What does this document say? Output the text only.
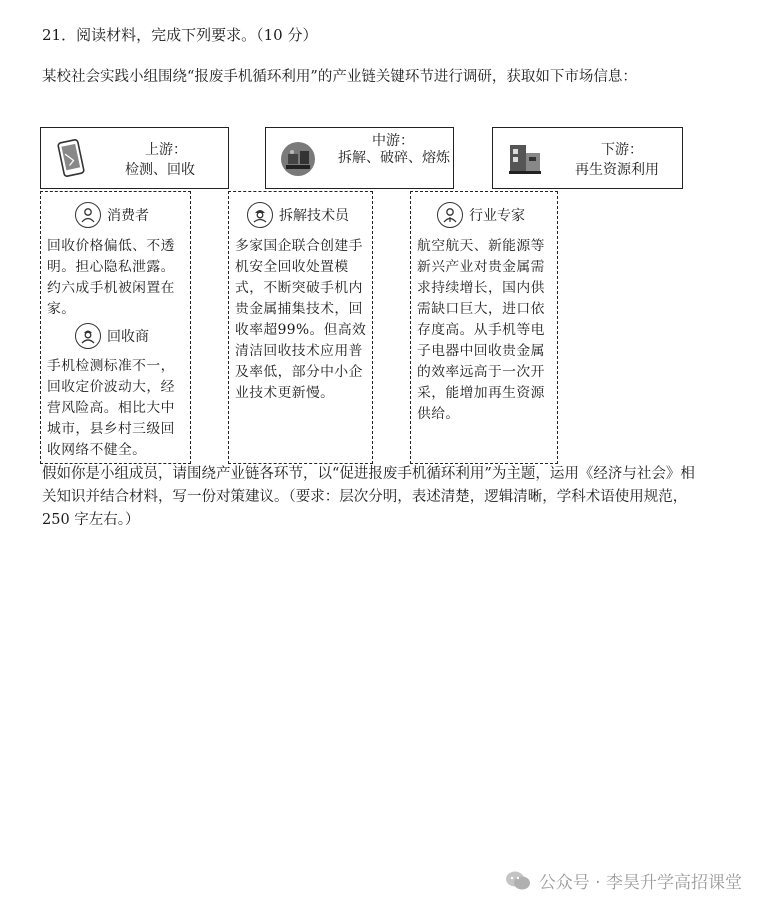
21．阅读材料，完成下列要求。（10 分）
某校社会实践小组围绕“报废手机循环利用”的产业链关键环节进行调研，获取如下市场信息：
上游：
检测、回收
中游：
拆解、破碎、熔炼	下游：
再生资源利用
消费者
回收价格偏低、不透明。担心隐私泄露。约六成手机被闲置在家。
回收商
手机检测标准不一，回收定价波动大，经营风险高。相比大中城市，县乡村三级回收网络不健全。
拆解技术员
多家国企联合创建手机安全回收处置模式，不断突破手机内贵金属捕集技术，回收率超99%。但高效清洁回收技术应用普及率低，部分中小企业技术更新慢。
行业专家
航空航天、新能源等新兴产业对贵金属需求持续增长，国内供需缺口巨大，进口依存度高。从手机等电子电器中回收贵金属的效率远高于一次开采，能增加再生资源供给。
假如你是小组成员，请围绕产业链各环节，以“促进报废手机循环利用”为主题，运用《经济与社会》相关知识并结合材料，写一份对策建议。（要求：层次分明，表述清楚，逻辑清晰，学科术语使用规范，250 字左右。）
公众号 · 李昊升学高招课堂
